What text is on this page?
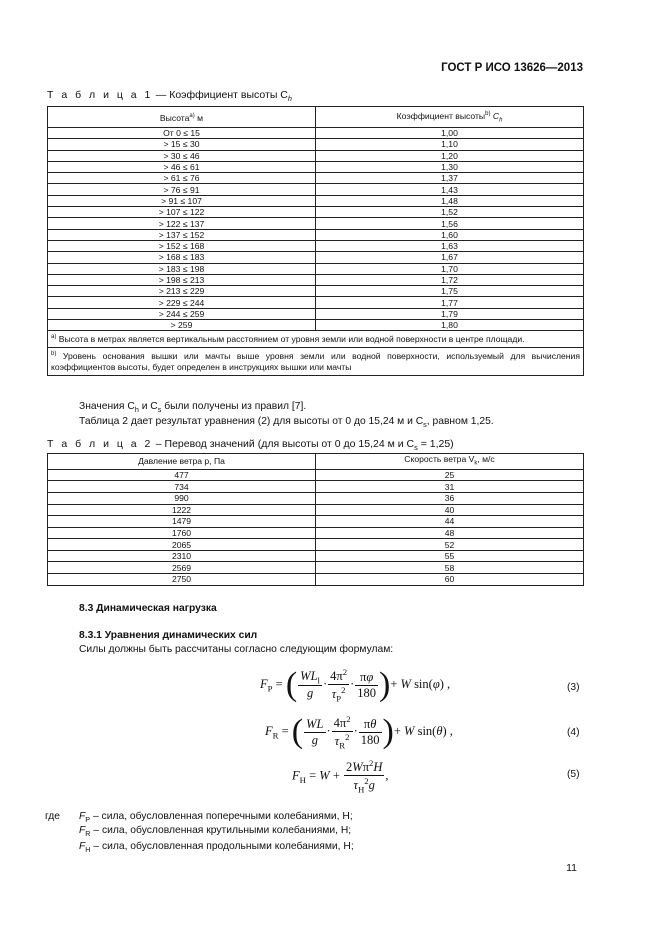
ГОСТ Р ИСО 13626—2013
Т а б л и ц а 1 — Коэффициент высоты $C_h$
Высота$^{a)}$ м	Коэффициент высоты$^{b)}$ $C_h$
От 0 ≤ 15	1,00
> 15 ≤ 30	1,10
> 30 ≤ 46	1,20
> 46 ≤ 61	1,30
> 61 ≤ 76	1,37
> 76 ≤ 91	1,43
> 91 ≤ 107	1,48
> 107 ≤ 122	1,52
> 122 ≤ 137	1,56
> 137 ≤ 152	1,60
> 152 ≤ 168	1,63
> 168 ≤ 183	1,67
> 183 ≤ 198	1,70
> 198 ≤ 213	1,72
> 213 ≤ 229	1,75
> 229 ≤ 244	1,77
> 244 ≤ 259	1,79
> 259	1,80
$^{a)}$ Высота в метрах является вертикальным расстоянием от уровня земли или водной поверхности в центре площади.	
$^{b)}$ Уровень основания вышки или мачты выше уровня земли или водной поверхности, используемый для вычисления коэффициентов высоты, будет определен в инструкциях вышки или мачты	
Значения $C_h$ и $C_s$ были получены из правил [7].
Таблица 2 дает результат уравнения (2) для высоты от 0 до 15,24 м и $C_s$, равном 1,25.
Т а б л и ц а 2 – Перевод значений (для высоты от 0 до 15,24 м и $C_s = 1,25$)
Давление ветра p, Па	Скорость ветра $V_k$, м/с
477	25
734	31
990	36
1222	40
1479	44
1760	48
2065	52
2310	55
2569	58
2750	60
8.3 Динамическая нагрузка
8.3.1 Уравнения динамических сил
Силы должны быть рассчитаны согласно следующим формулам:
$F_P$ = ( $\frac{WL_l}{g} \cdot \frac{4\pi^2}{\tau_P^2} \cdot \frac{\pi\varphi}{180}$ )+ W sin(φ) ,	(3)
$F_R$ = ( $\frac{WL}{g} \cdot \frac{4\pi^2}{\tau_R^2} \cdot \frac{\pi\theta}{180}$ )+ W sin(θ) ,	(4)
$F_H = W + \frac{2W\pi^2H}{\tau_H^2g}$ ,	(5)
где $F_P$ – сила, обусловленная поперечными колебаниями, Н;
$F_R$ – сила, обусловленная крутильными колебаниями, Н;
$F_H$ – сила, обусловленная продольными колебаниями, Н;
11
